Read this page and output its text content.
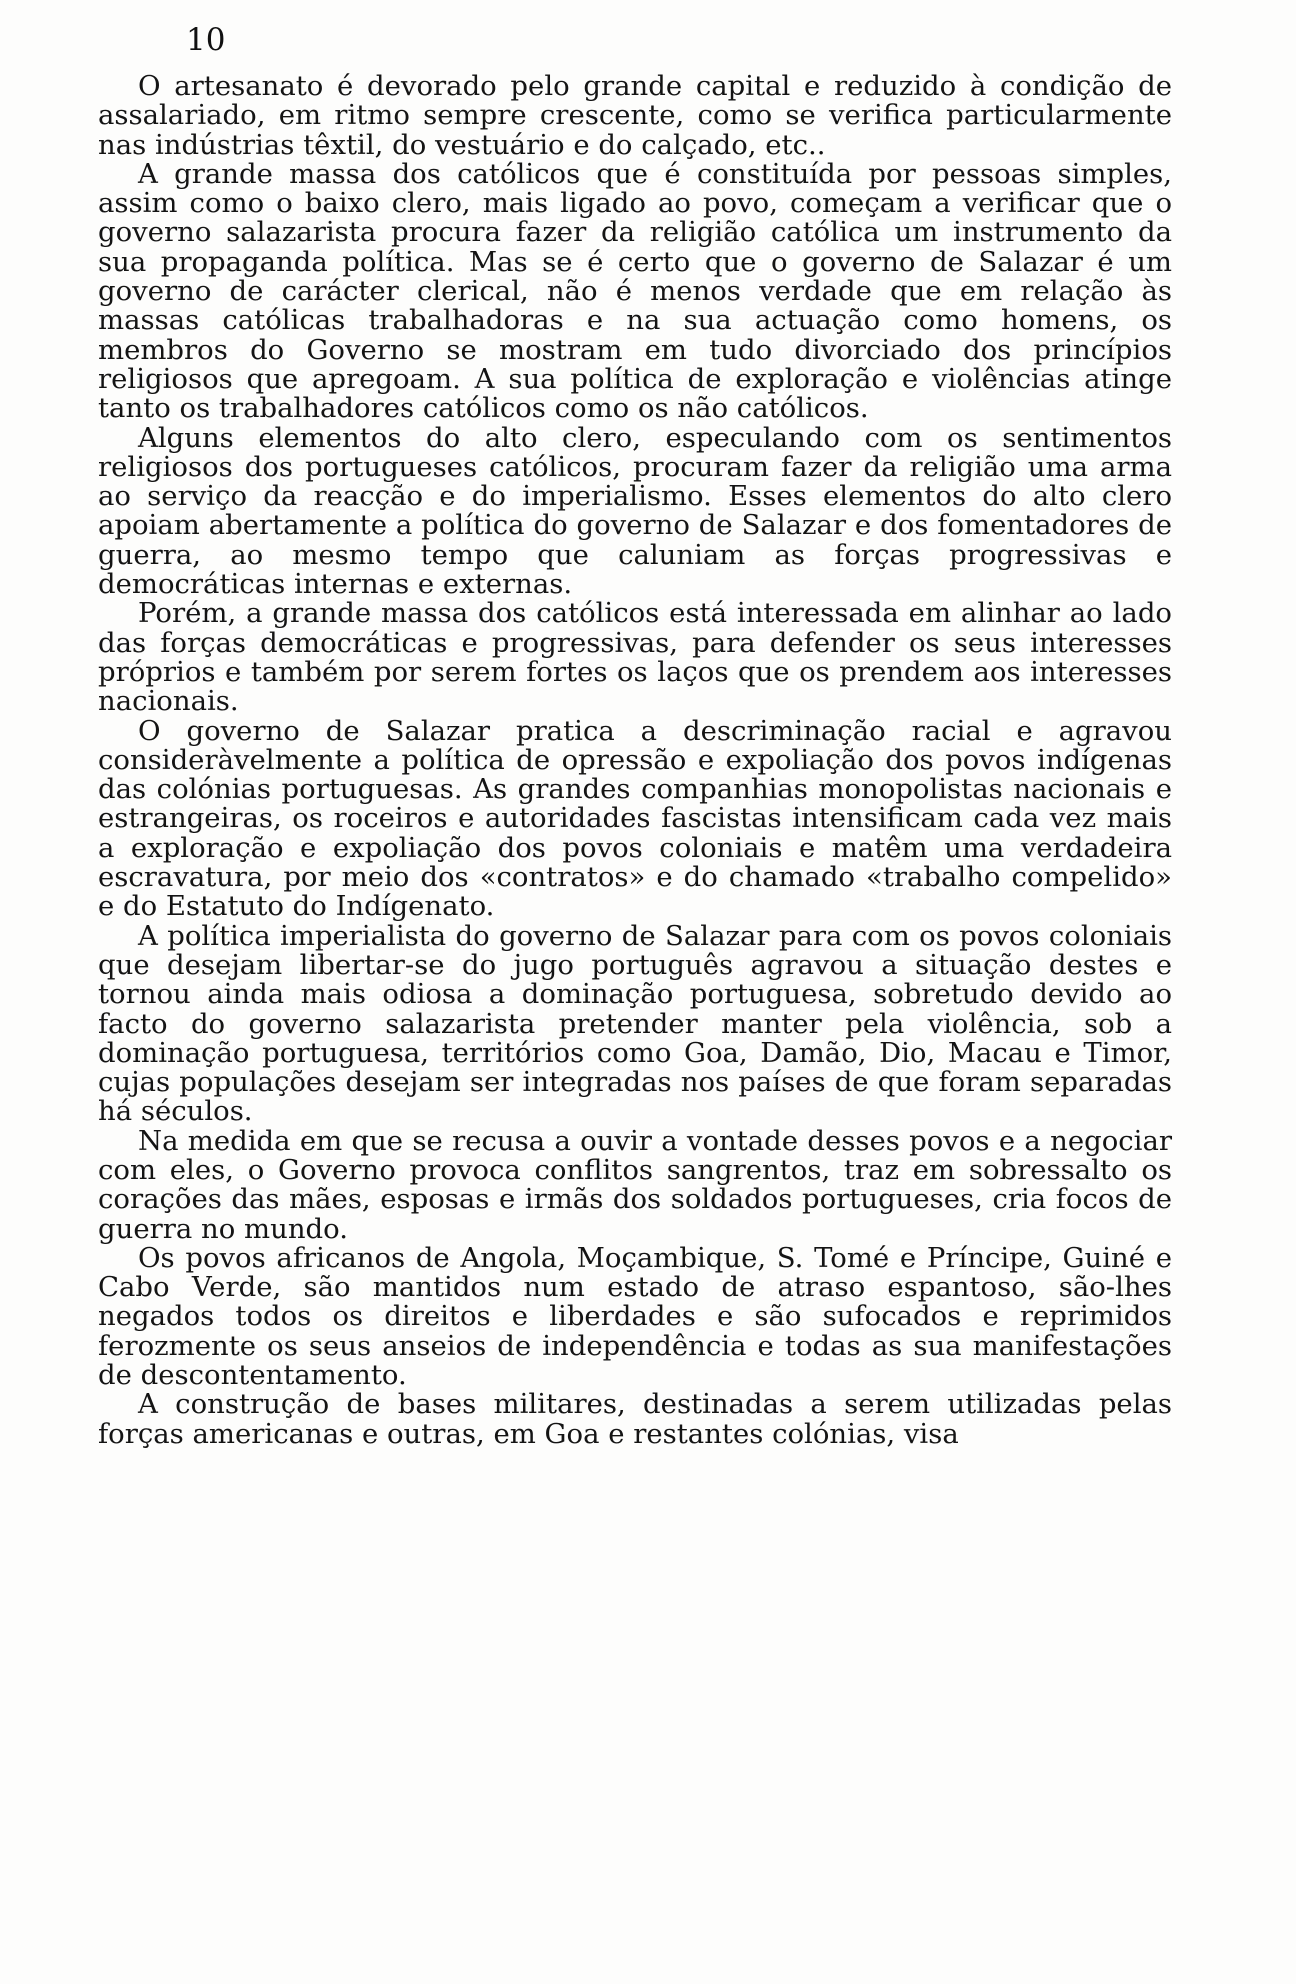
10

O artesanato é devorado pelo grande capital e reduzido à condição de assalariado, em ritmo sempre crescente, como se verifica particularmente nas indústrias têxtil, do vestuário e do calçado, etc..

A grande massa dos católicos que é constituída por pessoas simples, assim como o baixo clero, mais ligado ao povo, começam a verificar que o governo salazarista procura fazer da religião católica um instrumento da sua propaganda política. Mas se é certo que o governo de Salazar é um governo de carácter clerical, não é menos verdade que em relação às massas católicas trabalhadoras e na sua actuação como homens, os membros do Governo se mostram em tudo divorciado dos princípios religiosos que apregoam. A sua política de exploração e violências atinge tanto os trabalhadores católicos como os não católicos.

Alguns elementos do alto clero, especulando com os sentimentos religiosos dos portugueses católicos, procuram fazer da religião uma arma ao serviço da reacção e do imperialismo. Esses elementos do alto clero apoiam abertamente a política do governo de Salazar e dos fomentadores de guerra, ao mesmo tempo que caluniam as forças progressivas e democráticas internas e externas.

Porém, a grande massa dos católicos está interessada em alinhar ao lado das forças democráticas e progressivas, para defender os seus interesses próprios e também por serem fortes os laços que os prendem aos interesses nacionais.

O governo de Salazar pratica a descriminação racial e agravou consideràvelmente a política de opressão e expoliação dos povos indígenas das colónias portuguesas. As grandes companhias monopolistas nacionais e estrangeiras, os roceiros e autoridades fascistas intensificam cada vez mais a exploração e expoliação dos povos coloniais e matêm uma verdadeira escravatura, por meio dos «contratos» e do chamado «trabalho compelido» e do Estatuto do Indígenato.

A política imperialista do governo de Salazar para com os povos coloniais que desejam libertar-se do jugo português agravou a situação destes e tornou ainda mais odiosa a dominação portuguesa, sobretudo devido ao facto do governo salazarista pretender manter pela violência, sob a dominação portuguesa, territórios como Goa, Damão, Dio, Macau e Timor, cujas populações desejam ser integradas nos países de que foram separadas há séculos.

Na medida em que se recusa a ouvir a vontade desses povos e a negociar com eles, o Governo provoca conflitos sangrentos, traz em sobressalto os corações das mães, esposas e irmãs dos soldados portugueses, cria focos de guerra no mundo.

Os povos africanos de Angola, Moçambique, S. Tomé e Príncipe, Guiné e Cabo Verde, são mantidos num estado de atraso espantoso, são-lhes negados todos os direitos e liberdades e são sufocados e reprimidos ferozmente os seus anseios de independência e todas as sua manifestações de descontentamento.

A construção de bases militares, destinadas a serem utilizadas pelas forças americanas e outras, em Goa e restantes colónias, visa
